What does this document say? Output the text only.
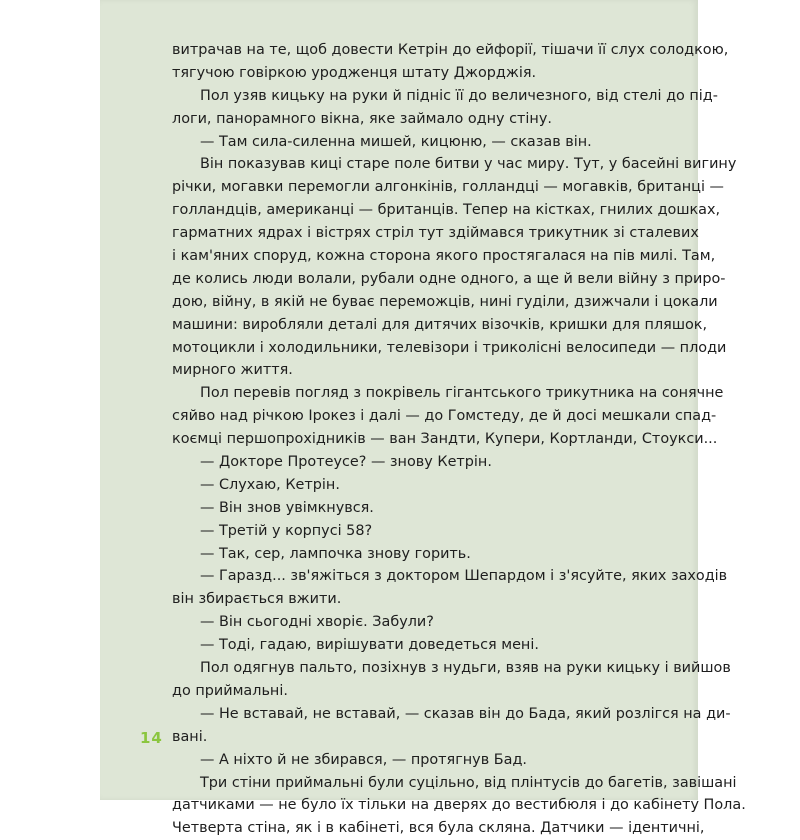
витрачав на те, щоб довести Кетрін до ейфорії, тішачи її слух солодкою,
тягучою говіркою уродженця штату Джорджія.
Пол узяв кицьку на руки й підніс її до величезного, від стелі до під-
логи, панорамного вікна, яке займало одну стіну.
— Там сила-силенна мишей, кицюню, — сказав він.
Він показував киці старе поле битви у час миру. Тут, у басейні вигину
річки, могавки перемогли алгонкінів, голландці — могавків, британці —
голландців, американці — британців. Тепер на кістках, гнилих дошках,
гарматних ядрах і вістрях стріл тут здіймався трикутник зі сталевих
і кам'яних споруд, кожна сторона якого простягалася на пів милі. Там,
де колись люди волали, рубали одне одного, а ще й вели війну з приро-
дою, війну, в якій не буває переможців, нині гуділи, дзижчали і цокали
машини: виробляли деталі для дитячих візочків, кришки для пляшок,
мотоцикли і холодильники, телевізори і триколісні велосипеди — плоди
мирного життя.
Пол перевів погляд з покрівель гігантського трикутника на сонячне
сяйво над річкою Ірокез і далі — до Гомстеду, де й досі мешкали спад-
коємці першопрохідників — ван Зандти, Купери, Кортланди, Стоукси...
— Докторе Протеусе? — знову Кетрін.
— Слухаю, Кетрін.
— Він знов увімкнувся.
— Третій у корпусі 58?
— Так, сер, лампочка знову горить.
— Гаразд... зв'яжіться з доктором Шепардом і з'ясуйте, яких заходів
він збирається вжити.
— Він сьогодні хворіє. Забули?
— Тоді, гадаю, вирішувати доведеться мені.
Пол одягнув пальто, позіхнув з нудьги, взяв на руки кицьку і вийшов
до приймальні.
— Не вставай, не вставай, — сказав він до Бада, який розлігся на ди-
вані.
— А ніхто й не збирався, — протягнув Бад.
Три стіни приймальні були суцільно, від плінтусів до багетів, завішані
датчиками — не було їх тільки на дверях до вестибюля і до кабінету Пола.
Четверта стіна, як і в кабінеті, вся була скляна. Датчики — ідентичні,
14
